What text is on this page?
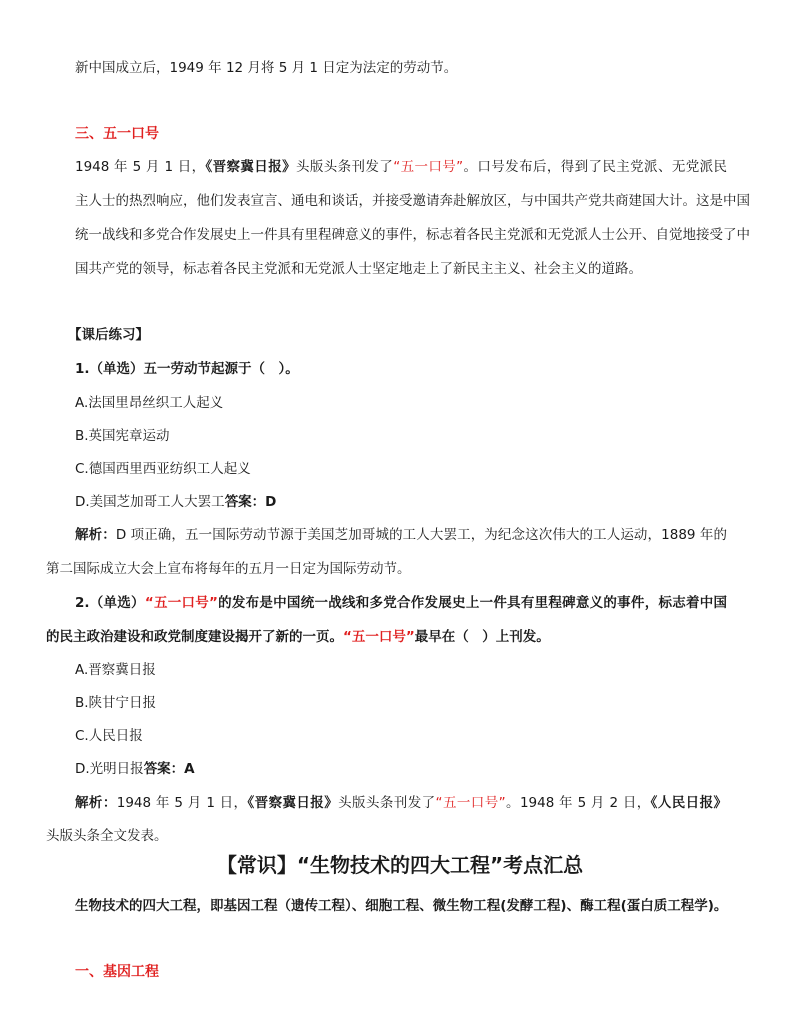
新中国成立后，1949 年 12 月将 5 月 1 日定为法定的劳动节。

三、五一口号

1948 年 5 月 1 日，《晋察冀日报》头版头条刊发了“五一口号”。口号发布后，得到了民主党派、无党派民

主人士的热烈响应，他们发表宣言、通电和谈话，并接受邀请奔赴解放区，与中国共产党共商建国大计。这是中国

统一战线和多党合作发展史上一件具有里程碑意义的事件，标志着各民主党派和无党派人士公开、自觉地接受了中

国共产党的领导，标志着各民主党派和无党派人士坚定地走上了新民主主义、社会主义的道路。

【课后练习】

1.（单选）五一劳动节起源于（　）。

A.法国里昂丝织工人起义

B.英国宪章运动

C.德国西里西亚纺织工人起义

D.美国芝加哥工人大罢工答案：D

解析：D 项正确，五一国际劳动节源于美国芝加哥城的工人大罢工，为纪念这次伟大的工人运动，1889 年的

第二国际成立大会上宣布将每年的五月一日定为国际劳动节。

2.（单选）“五一口号”的发布是中国统一战线和多党合作发展史上一件具有里程碑意义的事件，标志着中国

的民主政治建设和政党制度建设揭开了新的一页。“五一口号”最早在（　）上刊发。

A.晋察冀日报

B.陕甘宁日报

C.人民日报

D.光明日报答案：A

解析：1948 年 5 月 1 日，《晋察冀日报》头版头条刊发了“五一口号”。1948 年 5 月 2 日，《人民日报》

头版头条全文发表。

【常识】“生物技术的四大工程”考点汇总

生物技术的四大工程，即基因工程（遗传工程）、细胞工程、微生物工程(发酵工程)、酶工程(蛋白质工程学)。

一、基因工程
